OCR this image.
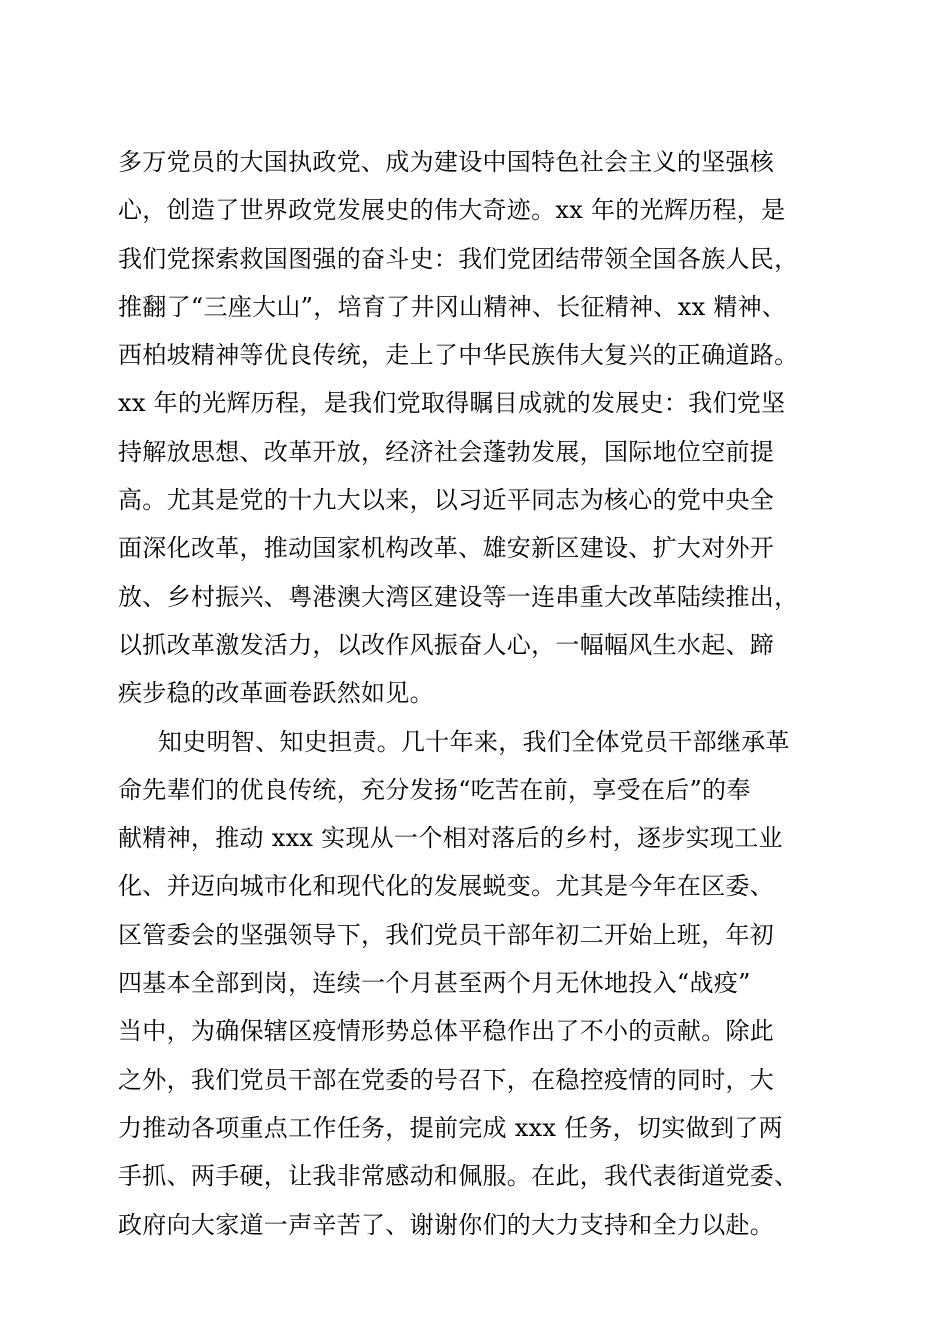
多万党员的大国执政党、成为建设中国特色社会主义的坚强核
心，创造了世界政党发展史的伟大奇迹。xx 年的光辉历程，是
我们党探索救国图强的奋斗史：我们党团结带领全国各族人民，
推翻了“三座大山”，培育了井冈山精神、长征精神、xx 精神、
西柏坡精神等优良传统，走上了中华民族伟大复兴的正确道路。
xx 年的光辉历程，是我们党取得瞩目成就的发展史：我们党坚
持解放思想、改革开放，经济社会蓬勃发展，国际地位空前提
高。尤其是党的十九大以来，以习近平同志为核心的党中央全
面深化改革，推动国家机构改革、雄安新区建设、扩大对外开
放、乡村振兴、粤港澳大湾区建设等一连串重大改革陆续推出，
以抓改革激发活力，以改作风振奋人心，一幅幅风生水起、蹄
疾步稳的改革画卷跃然如见。
知史明智、知史担责。几十年来，我们全体党员干部继承革
命先辈们的优良传统，充分发扬“吃苦在前，享受在后”的奉
献精神，推动 xxx 实现从一个相对落后的乡村，逐步实现工业
化、并迈向城市化和现代化的发展蜕变。尤其是今年在区委、
区管委会的坚强领导下，我们党员干部年初二开始上班，年初
四基本全部到岗，连续一个月甚至两个月无休地投入“战疫”
当中，为确保辖区疫情形势总体平稳作出了不小的贡献。除此
之外，我们党员干部在党委的号召下，在稳控疫情的同时，大
力推动各项重点工作任务，提前完成 xxx 任务，切实做到了两
手抓、两手硬，让我非常感动和佩服。在此，我代表街道党委、
政府向大家道一声辛苦了、谢谢你们的大力支持和全力以赴。
